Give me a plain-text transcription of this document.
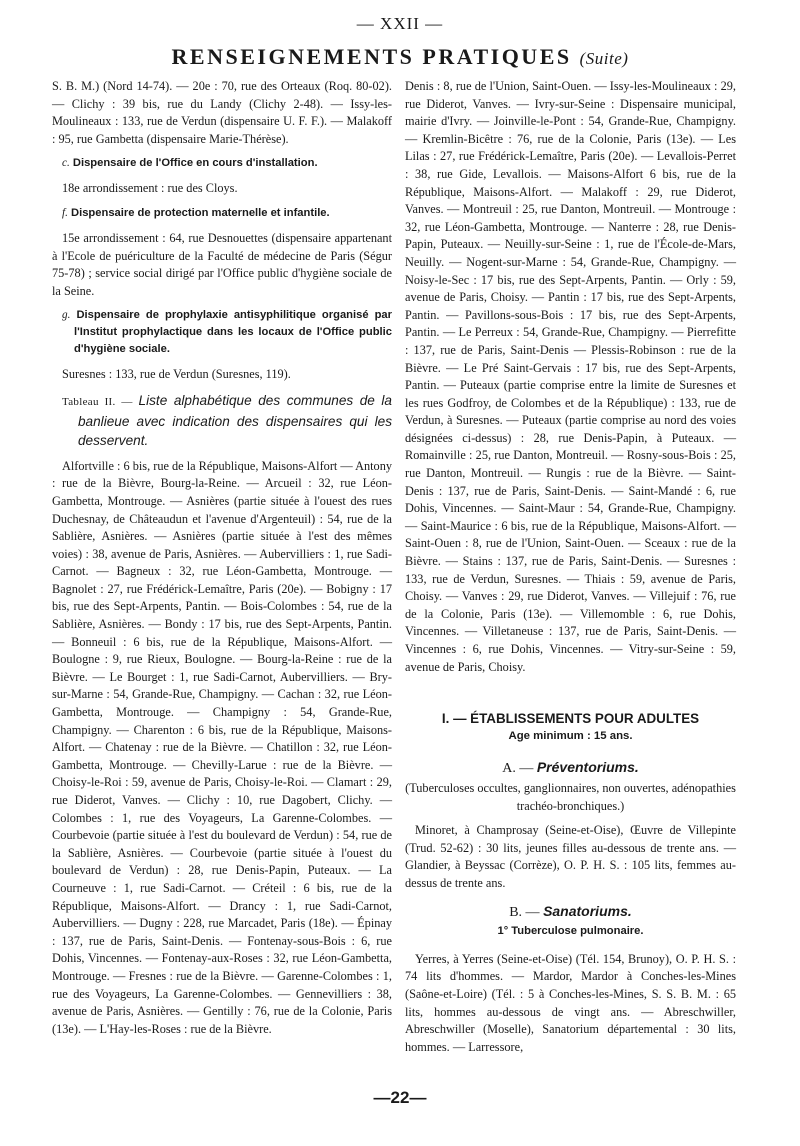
— XXII —
RENSEIGNEMENTS PRATIQUES (Suite)

S. B. M.) (Nord 14-74). — 20e : 70, rue des Orteaux (Roq. 80-02). — Clichy : 39 bis, rue du Landy (Clichy 2-48). — Issy-les-Moulineaux : 133, rue de Verdun (dispensaire U. F. F.). — Malakoff : 95, rue Gambetta (dispensaire Marie-Thérèse).

c. Dispensaire de l'Office en cours d'installation.

18e arrondissement : rue des Cloys.

f. Dispensaire de protection maternelle et infantile.

15e arrondissement : 64, rue Desnouettes (dispensaire appartenant à l'Ecole de puériculture de la Faculté de médecine de Paris (Ségur 75-78) ; service social dirigé par l'Office public d'hygiène sociale de la Seine.

g. Dispensaire de prophylaxie antisyphilitique organisé par l'Institut prophylactique dans les locaux de l'Office public d'hygiène sociale.

Suresnes : 133, rue de Verdun (Suresnes, 119).

Tableau II. — Liste alphabétique des communes de la banlieue avec indication des dispensaires qui les desservent.

Alfortville : 6 bis, rue de la République, Maisons-Alfort — Antony : rue de la Bièvre, Bourg-la-Reine. — Arcueil : 32, rue Léon-Gambetta, Montrouge. — Asnières (partie située à l'ouest des rues Duchesnay, de Châteaudun et l'avenue d'Argenteuil) : 54, rue de la Sablière, Asnières. — Asnières (partie située à l'est des mêmes voies) : 38, avenue de Paris, Asnières. — Aubervilliers : 1, rue Sadi-Carnot. — Bagneux : 32, rue Léon-Gambetta, Montrouge. — Bagnolet : 27, rue Frédérick-Lemaître, Paris (20e). — Bobigny : 17 bis, rue des Sept-Arpents, Pantin. — Bois-Colombes : 54, rue de la Sablière, Asnières. — Bondy : 17 bis, rue des Sept-Arpents, Pantin. — Bonneuil : 6 bis, rue de la République, Maisons-Alfort. — Boulogne : 9, rue Rieux, Boulogne. — Bourg-la-Reine : rue de la Bièvre. — Le Bourget : 1, rue Sadi-Carnot, Aubervilliers. — Bry-sur-Marne : 54, Grande-Rue, Champigny. — Cachan : 32, rue Léon-Gambetta, Montrouge. — Champigny : 54, Grande-Rue, Champigny. — Charenton : 6 bis, rue de la République, Maisons-Alfort. — Chatenay : rue de la Bièvre. — Chatillon : 32, rue Léon-Gambetta, Montrouge. — Chevilly-Larue : rue de la Bièvre. — Choisy-le-Roi : 59, avenue de Paris, Choisy-le-Roi. — Clamart : 29, rue Diderot, Vanves. — Clichy : 10, rue Dagobert, Clichy. — Colombes : 1, rue des Voyageurs, La Garenne-Colombes. — Courbevoie (partie située à l'est du boulevard de Verdun) : 54, rue de la Sablière, Asnières. — Courbevoie (partie située à l'ouest du boulevard de Verdun) : 28, rue Denis-Papin, Puteaux. — La Courneuve : 1, rue Sadi-Carnot. — Créteil : 6 bis, rue de la République, Maisons-Alfort. — Drancy : 1, rue Sadi-Carnot, Aubervilliers. — Dugny : 228, rue Marcadet, Paris (18e). — Épinay : 137, rue de Paris, Saint-Denis. — Fontenay-sous-Bois : 6, rue Dohis, Vincennes. — Fontenay-aux-Roses : 32, rue Léon-Gambetta, Montrouge. — Fresnes : rue de la Bièvre. — Garenne-Colombes : 1, rue des Voyageurs, La Garenne-Colombes. — Gennevilliers : 38, avenue de Paris, Asnières. — Gentilly : 76, rue de la Colonie, Paris (13e). — L'Hay-les-Roses : rue de la Bièvre.

Denis : 8, rue de l'Union, Saint-Ouen. — Issy-les-Moulineaux : 29, rue Diderot, Vanves. — Ivry-sur-Seine : Dispensaire municipal, mairie d'Ivry. — Joinville-le-Pont : 54, Grande-Rue, Champigny. — Kremlin-Bicêtre : 76, rue de la Colonie, Paris (13e). — Les Lilas : 27, rue Frédérick-Lemaître, Paris (20e). — Levallois-Perret : 38, rue Gide, Levallois. — Maisons-Alfort 6 bis, rue de la République, Maisons-Alfort. — Malakoff : 29, rue Diderot, Vanves. — Montreuil : 25, rue Danton, Montreuil. — Montrouge : 32, rue Léon-Gambetta, Montrouge. — Nanterre : 28, rue Denis-Papin, Puteaux. — Neuilly-sur-Seine : 1, rue de l'École-de-Mars, Neuilly. — Nogent-sur-Marne : 54, Grande-Rue, Champigny. — Noisy-le-Sec : 17 bis, rue des Sept-Arpents, Pantin. — Orly : 59, avenue de Paris, Choisy. — Pantin : 17 bis, rue des Sept-Arpents, Pantin. — Pavillons-sous-Bois : 17 bis, rue des Sept-Arpents, Pantin. — Le Perreux : 54, Grande-Rue, Champigny. — Pierrefitte : 137, rue de Paris, Saint-Denis — Plessis-Robinson : rue de la Bièvre. — Le Pré Saint-Gervais : 17 bis, rue des Sept-Arpents, Pantin. — Puteaux (partie comprise entre la limite de Suresnes et les rues Godfroy, de Colombes et de la République) : 133, rue de Verdun, à Suresnes. — Puteaux (partie comprise au nord des voies désignées ci-dessus) : 28, rue Denis-Papin, à Puteaux. — Romainville : 25, rue Danton, Montreuil. — Rosny-sous-Bois : 25, rue Danton, Montreuil. — Rungis : rue de la Bièvre. — Saint-Denis : 137, rue de Paris, Saint-Denis. — Saint-Mandé : 6, rue Dohis, Vincennes. — Saint-Maur : 54, Grande-Rue, Champigny. — Saint-Maurice : 6 bis, rue de la République, Maisons-Alfort. — Saint-Ouen : 8, rue de l'Union, Saint-Ouen. — Sceaux : rue de la Bièvre. — Stains : 137, rue de Paris, Saint-Denis. — Suresnes : 133, rue de Verdun, Suresnes. — Thiais : 59, avenue de Paris, Choisy. — Vanves : 29, rue Diderot, Vanves. — Villejuif : 76, rue de la Colonie, Paris (13e). — Villemomble : 6, rue Dohis, Vincennes. — Villetaneuse : 137, rue de Paris, Saint-Denis. — Vincennes : 6, rue Dohis, Vincennes. — Vitry-sur-Seine : 59, avenue de Paris, Choisy.

I. — ÉTABLISSEMENTS POUR ADULTES
Age minimum : 15 ans.
A. — Préventoriums.

(Tuberculoses occultes, ganglionnaires, non ouvertes, adénopathies trachéo-bronchiques.)

Minoret, à Champrosay (Seine-et-Oise), Œuvre de Villepinte (Trud. 52-62) : 30 lits, jeunes filles au-dessous de trente ans. — Glandier, à Beyssac (Corrèze), O. P. H. S. : 105 lits, femmes au-dessus de trente ans.

B. — Sanatoriums.
1° Tuberculose pulmonaire.

Yerres, à Yerres (Seine-et-Oise) (Tél. 154, Brunoy), O. P. H. S. : 74 lits d'hommes. — Mardor, Mardor à Conches-les-Mines (Saône-et-Loire) (Tél. : 5 à Conches-les-Mines, S. S. B. M. : 65 lits, hommes au-dessous de vingt ans. — Abreschwiller, Abreschwiller (Moselle), Sanatorium départemental : 30 lits, hommes. — Larressore,

—22—
